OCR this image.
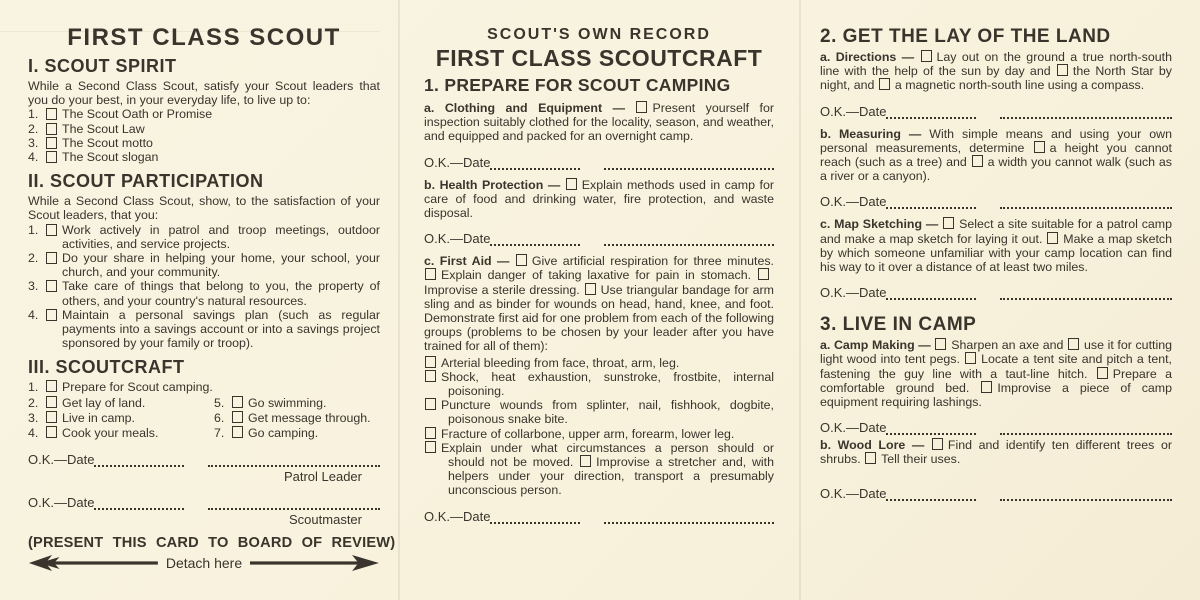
FIRST CLASS SCOUT
I. SCOUT SPIRIT
While a Second Class Scout, satisfy your Scout leaders that you do your best, in your everyday life, to live up to:
1.	The Scout Oath or Promise
2.	The Scout Law
3.	The Scout motto
4.	The Scout slogan
II. SCOUT PARTICIPATION
While a Second Class Scout, show, to the satisfaction of your Scout leaders, that you:
1.	Work actively in patrol and troop meetings, outdoor activities, and service projects.
2.	Do your share in helping your home, your school, your church, and your community.
3.	Take care of things that belong to you, the property of others, and your country's natural resources.
4.	Maintain a personal savings plan (such as regular payments into a savings account or into a savings project sponsored by your family or troop).
III. SCOUTCRAFT
1.	Prepare for Scout camping.
2.	Get lay of land.	5.	Go swimming.
3.	Live in camp.	6.	Get message through.
4.	Cook your meals.	7.	Go camping.
O.K.—Date
Patrol Leader
O.K.—Date
Scoutmaster
(PRESENT THIS CARD TO BOARD OF REVIEW)
Detach here
SCOUT'S OWN RECORD
FIRST CLASS SCOUTCRAFT
1. PREPARE FOR SCOUT CAMPING

a. Clothing and Equipment — Present yourself for inspection suitably clothed for the locality, season, and weather, and equipped and packed for an overnight camp.

O.K.—Date

b. Health Protection — Explain methods used in camp for care of food and drinking water, fire protection, and waste disposal.

O.K.—Date

c. First Aid — Give artificial respiration for three minutes. Explain danger of taking laxative for pain in stomach. Improvise a sterile dressing. Use triangular bandage for arm sling and as binder for wounds on head, hand, knee, and foot. Demonstrate first aid for one problem from each of the following groups (problems to be chosen by your leader after you have trained for all of them):

Arterial bleeding from face, throat, arm, leg.

Shock, heat exhaustion, sunstroke, frostbite, internal poisoning.

Puncture wounds from splinter, nail, fishhook, dogbite, poisonous snake bite.

Fracture of collarbone, upper arm, forearm, lower leg.

Explain under what circumstances a person should or should not be moved. Improvise a stretcher and, with helpers under your direction, transport a presumably unconscious person.

O.K.—Date
2. GET THE LAY OF THE LAND

a. Directions — Lay out on the ground a true north-south line with the help of the sun by day and the North Star by night, and a magnetic north-south line using a compass.

O.K.—Date

b. Measuring — With simple means and using your own personal measurements, determine a height you cannot reach (such as a tree) and a width you cannot walk (such as a river or a canyon).

O.K.—Date

c. Map Sketching — Select a site suitable for a patrol camp and make a map sketch for laying it out. Make a map sketch by which someone unfamiliar with your camp location can find his way to it over a distance of at least two miles.

O.K.—Date
3. LIVE IN CAMP

a. Camp Making — Sharpen an axe and use it for cutting light wood into tent pegs. Locate a tent site and pitch a tent, fastening the guy line with a taut-line hitch. Prepare a comfortable ground bed. Improvise a piece of camp equipment requiring lashings.

O.K.—Date

b. Wood Lore — Find and identify ten different trees or shrubs. Tell their uses.

O.K.—Date
